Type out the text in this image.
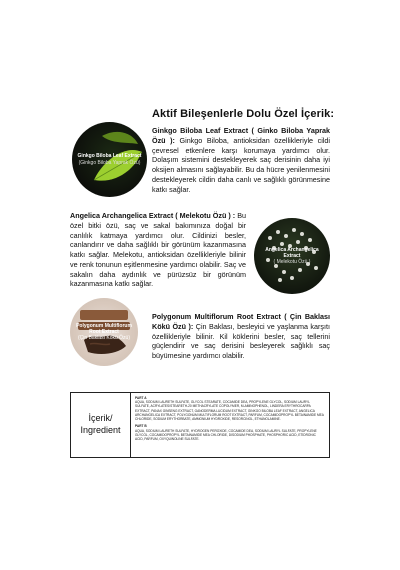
Aktif Bileşenlerle Dolu Özel İçerik:
Ginkgo Biloba Leaf Extract
(Ginkgo Biloba Yaprak Özü)
Ginkgo Biloba Leaf Extract ( Ginko Biloba Yaprak Özü ): Ginkgo Biloba, antioksidan özellikleriyle cildi çevresel etkenlere karşı korumaya yardımcı olur. Dolaşım sistemini destekleyerek saç derisinin daha iyi oksijen almasını sağlayabilir. Bu da hücre yenilenmesini destekleyerek cildin daha canlı ve sağlıklı görünmesine katkı sağlar.
Angelica Archangelica Extract ( Melekotu Özü ) : Bu özel bitki özü, saç ve sakal bakımınıza doğal bir canlılık katmaya yardımcı olur. Cildinizi besler, canlandırır ve daha sağlıklı bir görünüm kazanmasına katkı sağlar. Melekotu, antioksidan özellikleriyle bilinir ve renk tonunun eşitlenmesine yardımcı olabilir. Saç ve sakalın daha aydınlık ve pürüzsüz bir görünüm kazanmasına katkı sağlar.
Angelica Archangelica Extract
( Melekotu Özü )
Polygonum Multiflorum Root Extract
(Çin Baklası Kökü Özü)
Polygonum Multiflorum Root Extract ( Çin Baklası Kökü Özü ): Çin Baklası, besleyici ve yaşlanma karşıtı özellikleriyle bilinir. Kil köklerini besler, saç tellerini güçlendirir ve saç derisini besleyerek sağlıklı saç büyümesine yardımcı olabilir.
İçerik/
Ingredient

PART A
AQUA, SODIUM LAURETH SULFATE, GLYCOL STEARATE, COCAMIDE DEA, PROPYLENE GLYCOL, SODIUM LAURYL SULFATE, ACRYLATES/STEARETH-20 METHACRYLATE COPOLYMER, M-AMINOPHENOL, LINDERA ERYTHROCARPA EXTRACT, PANAX GINSENG EXTRACT, GANODERMA LUCIDUM EXTRACT, GINKGO BILOBA LEAF EXTRACT, ANGELICA ARCHANGELICA EXTRACT, POLYGONUM MULTIFLORUM ROOT EXTRACT, PARFUM, COCAMIDOPROPYL BETAINAMIDE MEA CHLORIDE, SODIUM ERYTHORBATE, AMMONIUM HYDROXIDE, RESORCINOL, ETHANOLAMINE.

PART B
AQUA, SODIUM LAURETH SULFATE, HYDROGEN PEROXIDE, COCAMIDE DEA, SODIUM LAURYL SULFATE, PROPYLENE GLYCOL, COCAMIDOPROPYL BETAINAMIDE MEA CHLORIDE, DISODIUM PHOSPHATE, PHOSPHORIC ACID, ETIDRONIC ACID, PARFUM, OXYQUINOLINE SULFATE.
